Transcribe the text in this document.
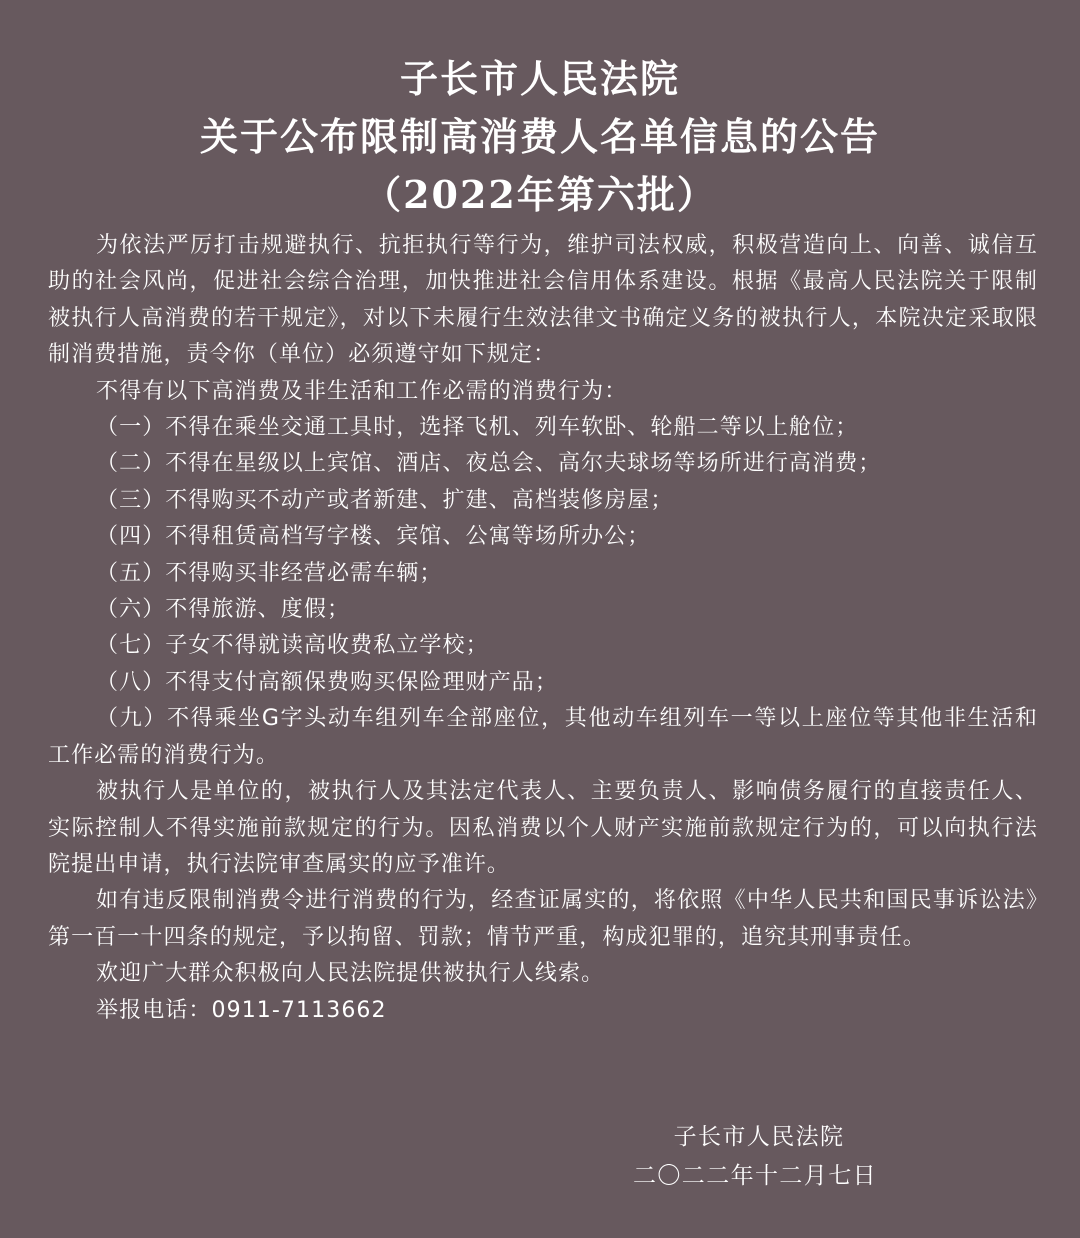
子长市人民法院
关于公布限制高消费人名单信息的公告
（2022年第六批）

为依法严厉打击规避执行、抗拒执行等行为，维护司法权威，积极营造向上、向善、诚信互助的社会风尚，促进社会综合治理，加快推进社会信用体系建设。根据《最高人民法院关于限制被执行人高消费的若干规定》，对以下未履行生效法律文书确定义务的被执行人，本院决定采取限制消费措施，责令你（单位）必须遵守如下规定：

不得有以下高消费及非生活和工作必需的消费行为：

（一）不得在乘坐交通工具时，选择飞机、列车软卧、轮船二等以上舱位；

（二）不得在星级以上宾馆、酒店、夜总会、高尔夫球场等场所进行高消费；

（三）不得购买不动产或者新建、扩建、高档装修房屋；

（四）不得租赁高档写字楼、宾馆、公寓等场所办公；

（五）不得购买非经营必需车辆；

（六）不得旅游、度假；

（七）子女不得就读高收费私立学校；

（八）不得支付高额保费购买保险理财产品；

（九）不得乘坐G字头动车组列车全部座位，其他动车组列车一等以上座位等其他非生活和工作必需的消费行为。

被执行人是单位的，被执行人及其法定代表人、主要负责人、影响债务履行的直接责任人、实际控制人不得实施前款规定的行为。因私消费以个人财产实施前款规定行为的，可以向执行法院提出申请，执行法院审查属实的应予准许。

如有违反限制消费令进行消费的行为，经查证属实的，将依照《中华人民共和国民事诉讼法》第一百一十四条的规定，予以拘留、罚款；情节严重，构成犯罪的，追究其刑事责任。

欢迎广大群众积极向人民法院提供被执行人线索。

举报电话：0911-7113662

子长市人民法院
二〇二二年十二月七日
